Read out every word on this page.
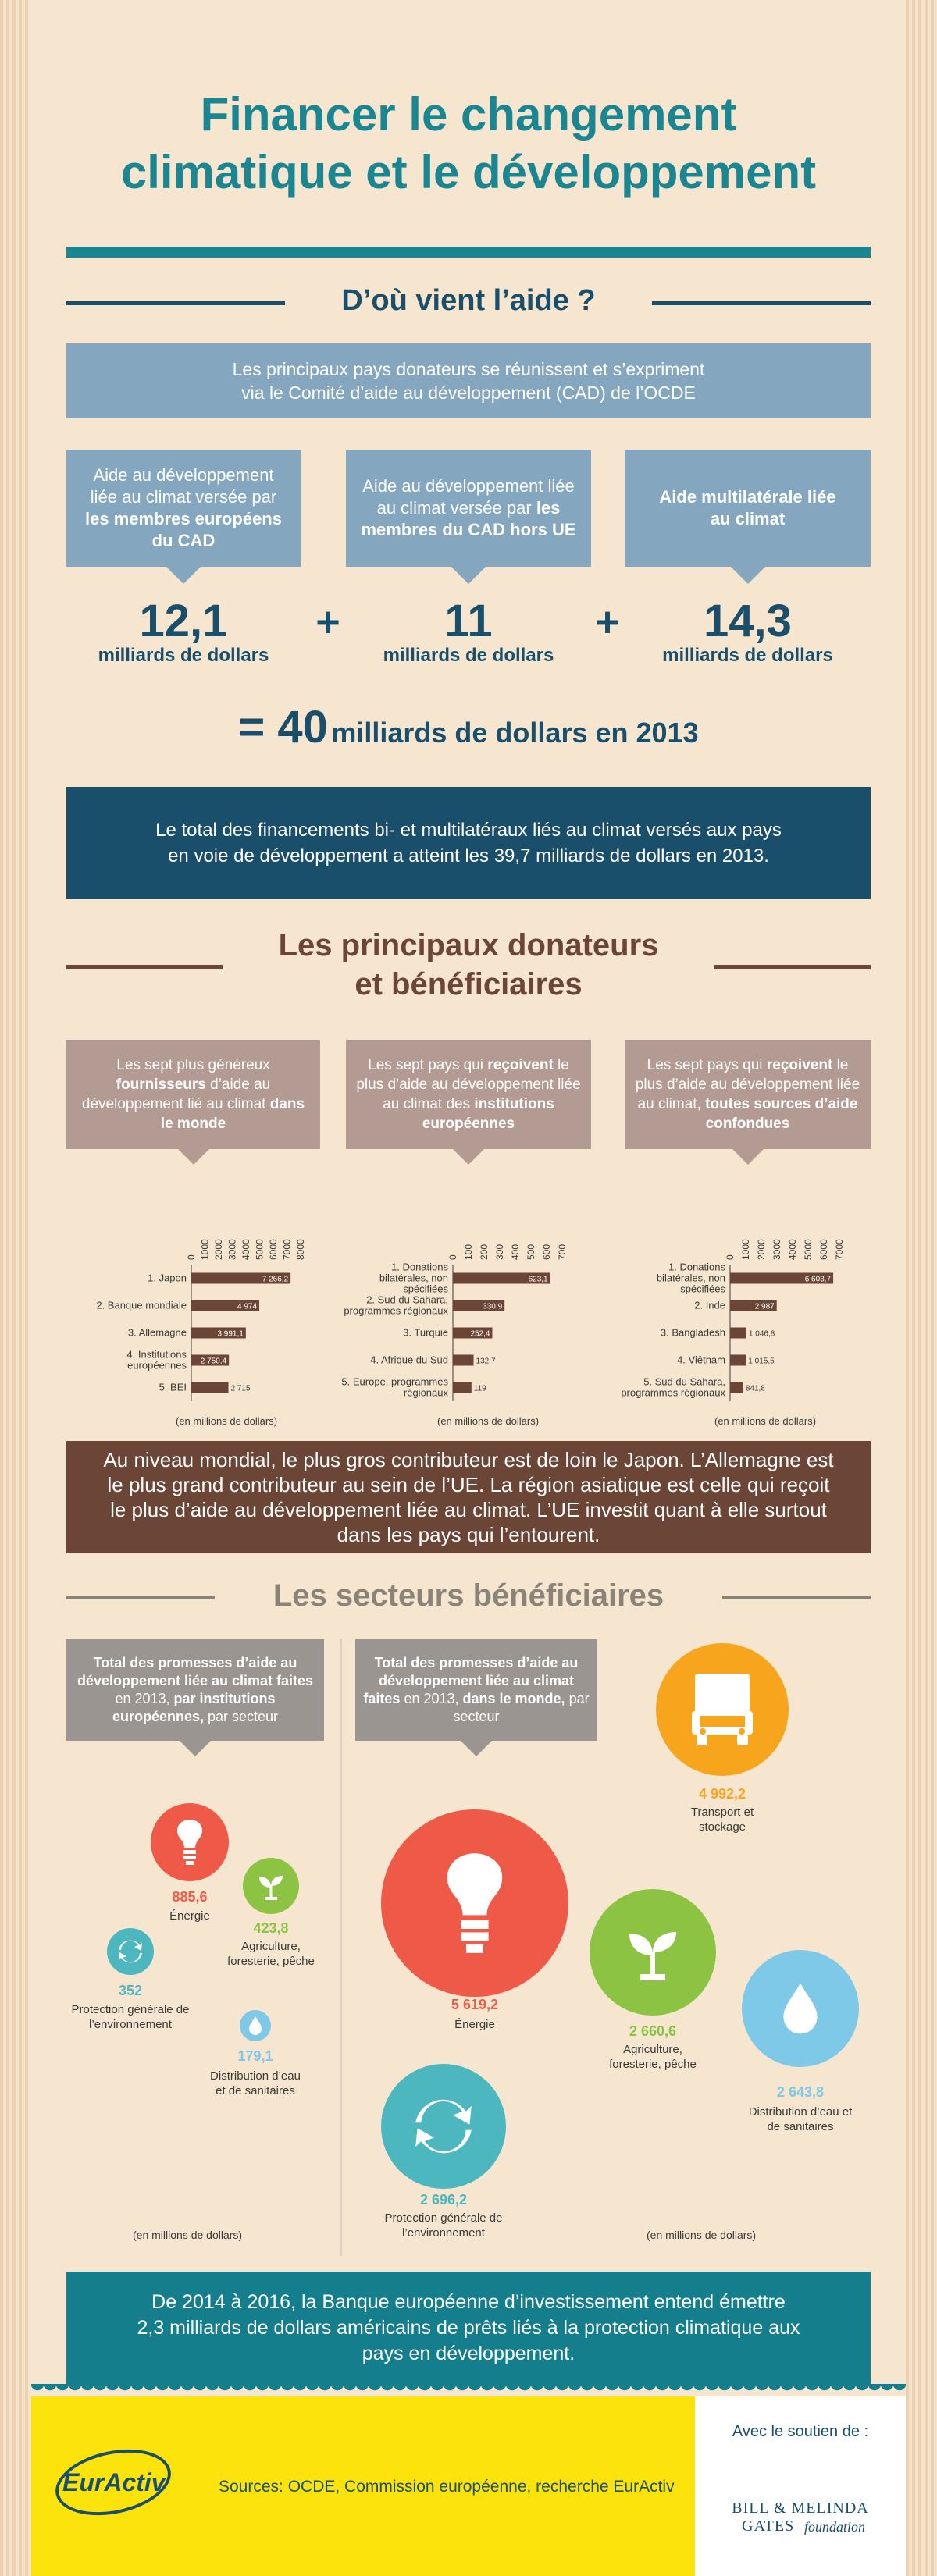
Financer le changement
climatique et le développement
D’où vient l’aide ?
Les principaux pays donateurs se réunissent et s’expriment
via le Comité d’aide au développement (CAD) de l’OCDE
Aide au développement liée au climat versée par les membres européens du CAD
Aide au développement liée au climat versée par les membres du CAD hors UE
Aide multilatérale liée au climat
12,1
milliards de dollars
+	11
milliards de dollars
+	14,3
milliards de dollars
= 40 milliards de dollars en 2013
Le total des financements bi- et multilatéraux liés au climat versés aux pays
en voie de développement a atteint les 39,7 milliards de dollars en 2013.
Les principaux donateurs
et bénéficiaires
Les sept plus généreux fournisseurs d’aide au développement lié au climat dans le monde
Les sept pays qui reçoivent le plus d’aide au développement liée au climat des institutions européennes
Les sept pays qui reçoivent le plus d’aide au développement liée au climat, toutes sources d’aide confondues
0 1000 2000 3000 4000 5000 6000 7000 8000
7 266,2
1. Japon
4 974
2. Banque mondiale
3 991,1
3. Allemagne
2 750,4
4. Institutions
européennes
2 715
5. BEI
(en millions de dollars)
0 100 200 300 400 500 600 700
623,1
1. Donations
bilatérales, non
spécifiées
330,9
2. Sud du Sahara,
programmes régionaux
252,4
3. Turquie
132,7
4. Afrique du Sud
119
5. Europe, programmes
régionaux
(en millions de dollars)
0 1000 2000 3000 4000 5000 6000 7000
6 603,7
1. Donations
bilatérales, non
spécifiées
2 987
2. Inde
1 046,8
3. Bangladesh
1 015,5
4. Viêtnam
841,8
5. Sud du Sahara,
programmes régionaux
(en millions de dollars)
Au niveau mondial, le plus gros contributeur est de loin le Japon. L’Allemagne est le plus grand contributeur au sein de l’UE. La région asiatique est celle qui reçoit le plus d’aide au développement liée au climat. L’UE investit quant à elle surtout dans les pays qui l’entourent.
Les secteurs bénéficiaires
Total des promesses d’aide au développement liée au climat faites en 2013, par institutions européennes, par secteur
Total des promesses d’aide au développement liée au climat faites en 2013, dans le monde, par secteur
885,6
Énergie
423,8
Agriculture, foresterie, pêche
352
Protection générale de l’environnement
179,1
Distribution d’eau et de sanitaires
(en millions de dollars)
4 992,2
Transport et stockage
5 619,2
Énergie	2 660,6
Agriculture, foresterie, pêche
2 643,8
Distribution d’eau et de sanitaires
2 696,2
Protection générale de l’environnement	(en millions de dollars)
De 2014 à 2016, la Banque européenne d’investissement entend émettre 2,3 milliards de dollars américains de prêts liés à la protection climatique aux pays en développement.
EurActiv	Sources: OCDE, Commission européenne, recherche EurActiv
Avec le soutien de :
BILL & MELINDA
GATES foundation
